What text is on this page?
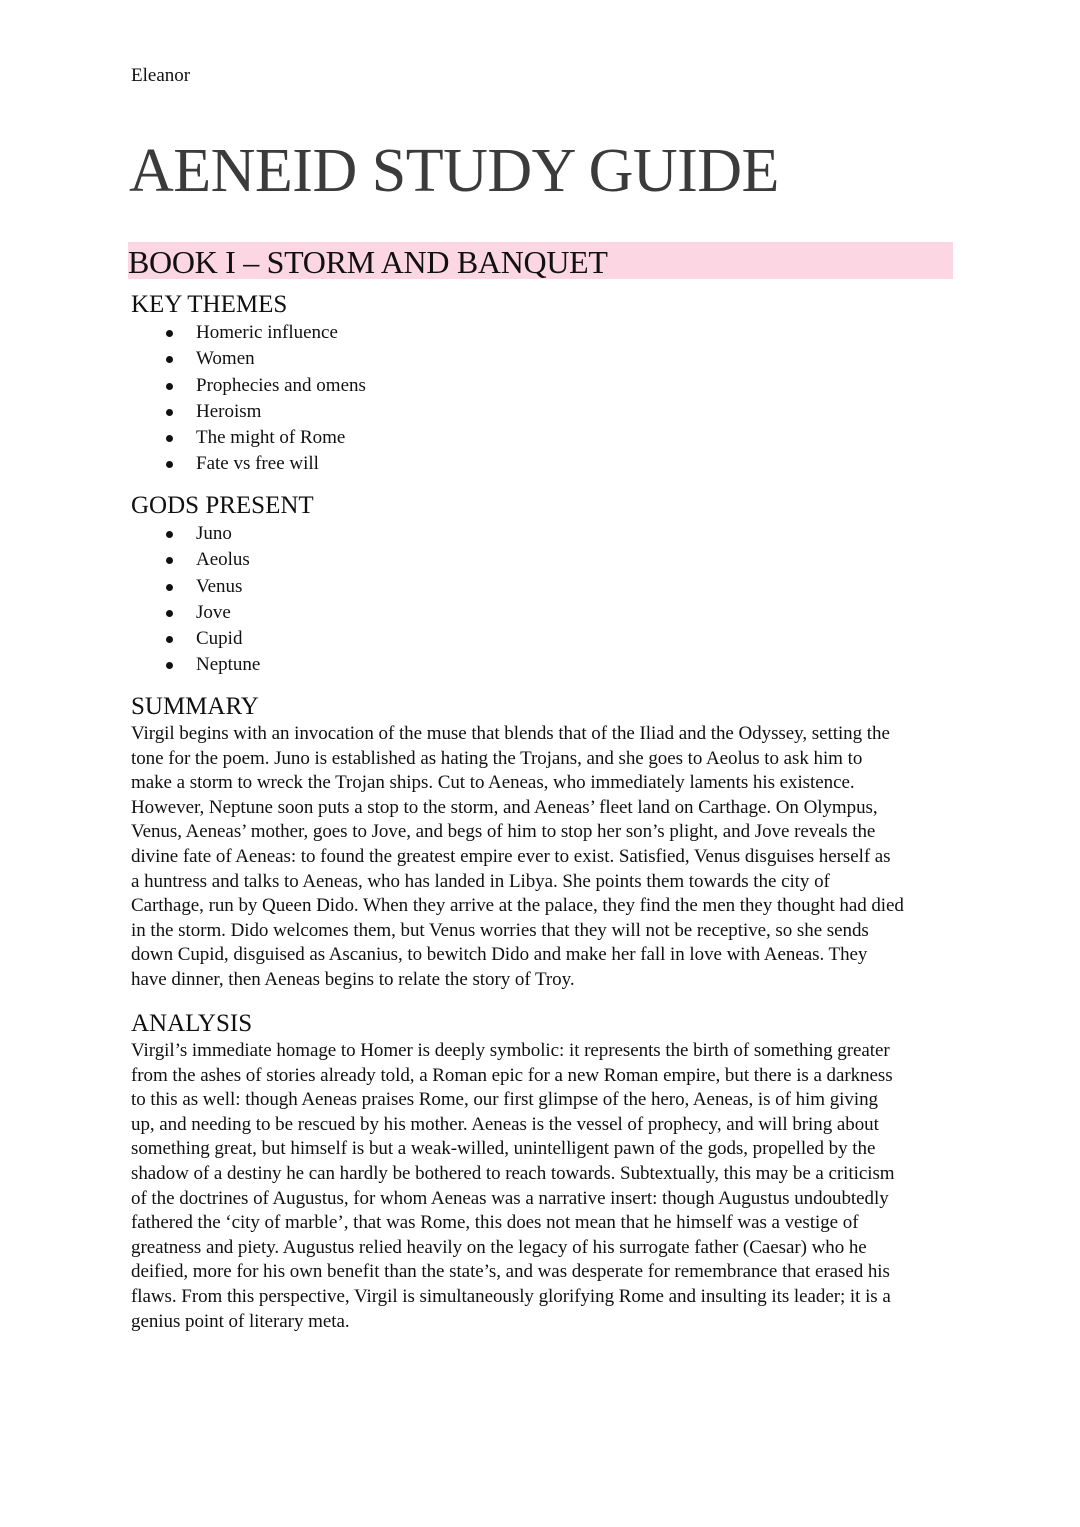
Eleanor
AENEID STUDY GUIDE
BOOK I – STORM AND BANQUET
KEY THEMES
Homeric influence
Women
Prophecies and omens
Heroism
The might of Rome
Fate vs free will
GODS PRESENT
Juno
Aeolus
Venus
Jove
Cupid
Neptune
SUMMARY

Virgil begins with an invocation of the muse that blends that of the Iliad and the Odyssey, setting the
tone for the poem. Juno is established as hating the Trojans, and she goes to Aeolus to ask him to
make a storm to wreck the Trojan ships. Cut to Aeneas, who immediately laments his existence.
However, Neptune soon puts a stop to the storm, and Aeneas’ fleet land on Carthage. On Olympus,
Venus, Aeneas’ mother, goes to Jove, and begs of him to stop her son’s plight, and Jove reveals the
divine fate of Aeneas: to found the greatest empire ever to exist. Satisfied, Venus disguises herself as
a huntress and talks to Aeneas, who has landed in Libya. She points them towards the city of
Carthage, run by Queen Dido. When they arrive at the palace, they find the men they thought had died
in the storm. Dido welcomes them, but Venus worries that they will not be receptive, so she sends
down Cupid, disguised as Ascanius, to bewitch Dido and make her fall in love with Aeneas. They
have dinner, then Aeneas begins to relate the story of Troy.

ANALYSIS

Virgil’s immediate homage to Homer is deeply symbolic: it represents the birth of something greater
from the ashes of stories already told, a Roman epic for a new Roman empire, but there is a darkness
to this as well: though Aeneas praises Rome, our first glimpse of the hero, Aeneas, is of him giving
up, and needing to be rescued by his mother. Aeneas is the vessel of prophecy, and will bring about
something great, but himself is but a weak-willed, unintelligent pawn of the gods, propelled by the
shadow of a destiny he can hardly be bothered to reach towards. Subtextually, this may be a criticism
of the doctrines of Augustus, for whom Aeneas was a narrative insert: though Augustus undoubtedly
fathered the ‘city of marble’, that was Rome, this does not mean that he himself was a vestige of
greatness and piety. Augustus relied heavily on the legacy of his surrogate father (Caesar) who he
deified, more for his own benefit than the state’s, and was desperate for remembrance that erased his
flaws. From this perspective, Virgil is simultaneously glorifying Rome and insulting its leader; it is a
genius point of literary meta.
